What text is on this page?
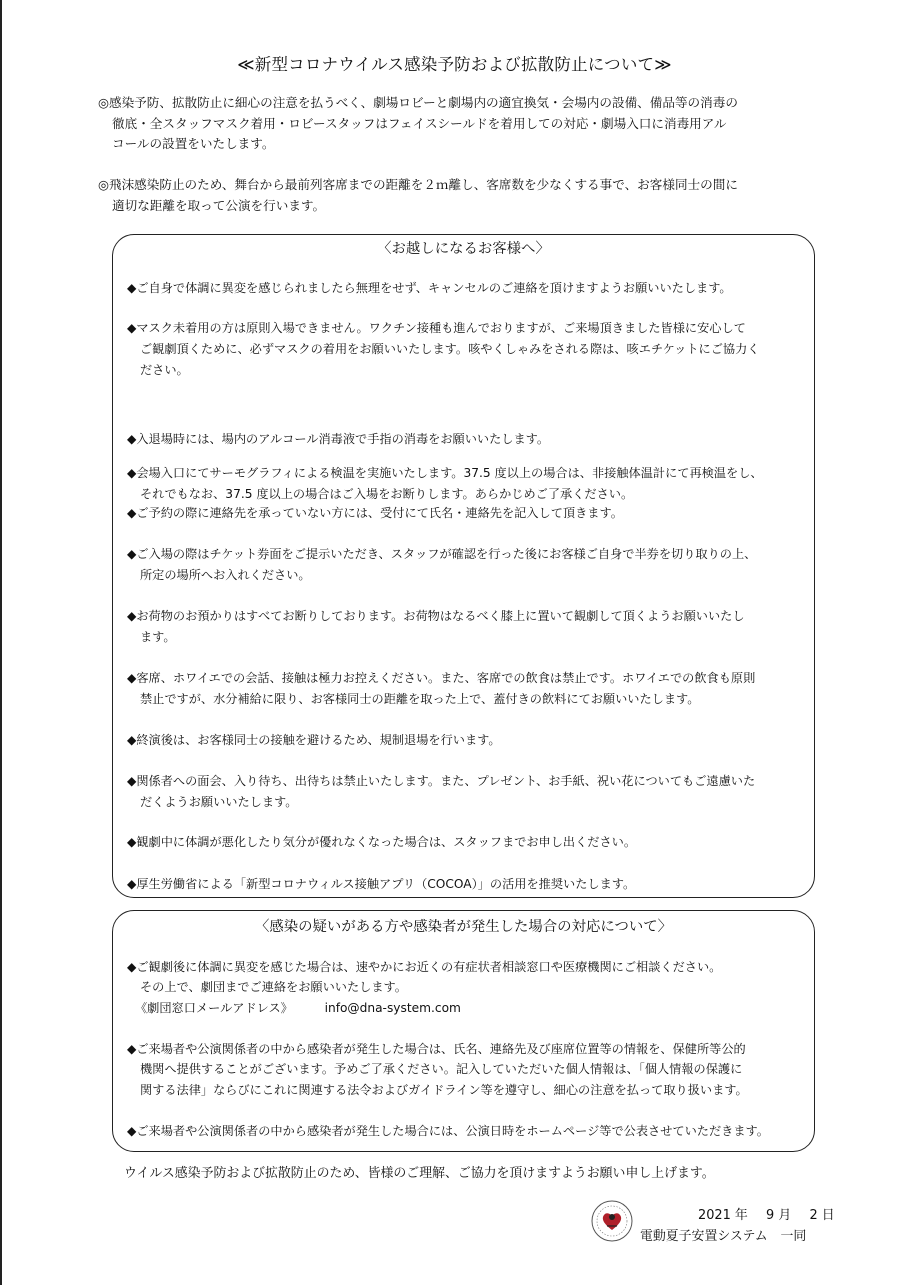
≪新型コロナウイルス感染予防および拡散防止について≫
◎感染予防、拡散防止に細心の注意を払うべく、劇場ロビーと劇場内の適宜換気・会場内の設備、備品等の消毒の
徹底・全スタッフマスク着用・ロビースタッフはフェイスシールドを着用しての対応・劇場入口に消毒用アル
コールの設置をいたします。
◎飛沫感染防止のため、舞台から最前列客席までの距離を２ｍ離し、客席数を少なくする事で、お客様同士の間に
適切な距離を取って公演を行います。
〈お越しになるお客様へ〉
◆ご自身で体調に異変を感じられましたら無理をせず、キャンセルのご連絡を頂けますようお願いいたします。
◆マスク未着用の方は原則入場できません。ワクチン接種も進んでおりますが、ご来場頂きました皆様に安心して
ご観劇頂くために、必ずマスクの着用をお願いいたします。咳やくしゃみをされる際は、咳エチケットにご協力く
ださい。
◆入退場時には、場内のアルコール消毒液で手指の消毒をお願いいたします。
◆会場入口にてサーモグラフィによる検温を実施いたします。37.5 度以上の場合は、非接触体温計にて再検温をし、
それでもなお、37.5 度以上の場合はご入場をお断りします。あらかじめご了承ください。
◆ご予約の際に連絡先を承っていない方には、受付にて氏名・連絡先を記入して頂きます。
◆ご入場の際はチケット券面をご提示いただき、スタッフが確認を行った後にお客様ご自身で半券を切り取りの上、
所定の場所へお入れください。
◆お荷物のお預かりはすべてお断りしております。お荷物はなるべく膝上に置いて観劇して頂くようお願いいたし
ます。
◆客席、ホワイエでの会話、接触は極力お控えください。また、客席での飲食は禁止です。ホワイエでの飲食も原則
禁止ですが、水分補給に限り、お客様同士の距離を取った上で、蓋付きの飲料にてお願いいたします。
◆終演後は、お客様同士の接触を避けるため、規制退場を行います。
◆関係者への面会、入り待ち、出待ちは禁止いたします。また、プレゼント、お手紙、祝い花についてもご遠慮いた
だくようお願いいたします。
◆観劇中に体調が悪化したり気分が優れなくなった場合は、スタッフまでお申し出ください。
◆厚生労働省による「新型コロナウィルス接触アプリ（COCOA）」の活用を推奨いたします。
〈感染の疑いがある方や感染者が発生した場合の対応について〉
◆ご観劇後に体調に異変を感じた場合は、速やかにお近くの有症状者相談窓口や医療機関にご相談ください。
その上で、劇団までご連絡をお願いいたします。
《劇団窓口メールアドレス》	info@dna-system.com
◆ご来場者や公演関係者の中から感染者が発生した場合は、氏名、連絡先及び座席位置等の情報を、保健所等公的
機関へ提供することがございます。予めご了承ください。記入していただいた個人情報は、「個人情報の保護に
関する法律」ならびにこれに関連する法令およびガイドライン等を遵守し、細心の注意を払って取り扱います。
◆ご来場者や公演関係者の中から感染者が発生した場合には、公演日時をホームページ等で公表させていただきます。
ウイルス感染予防および拡散防止のため、皆様のご理解、ご協力を頂けますようお願い申し上げます。
2021 年 9 月 2 日
電動夏子安置システム　一同
